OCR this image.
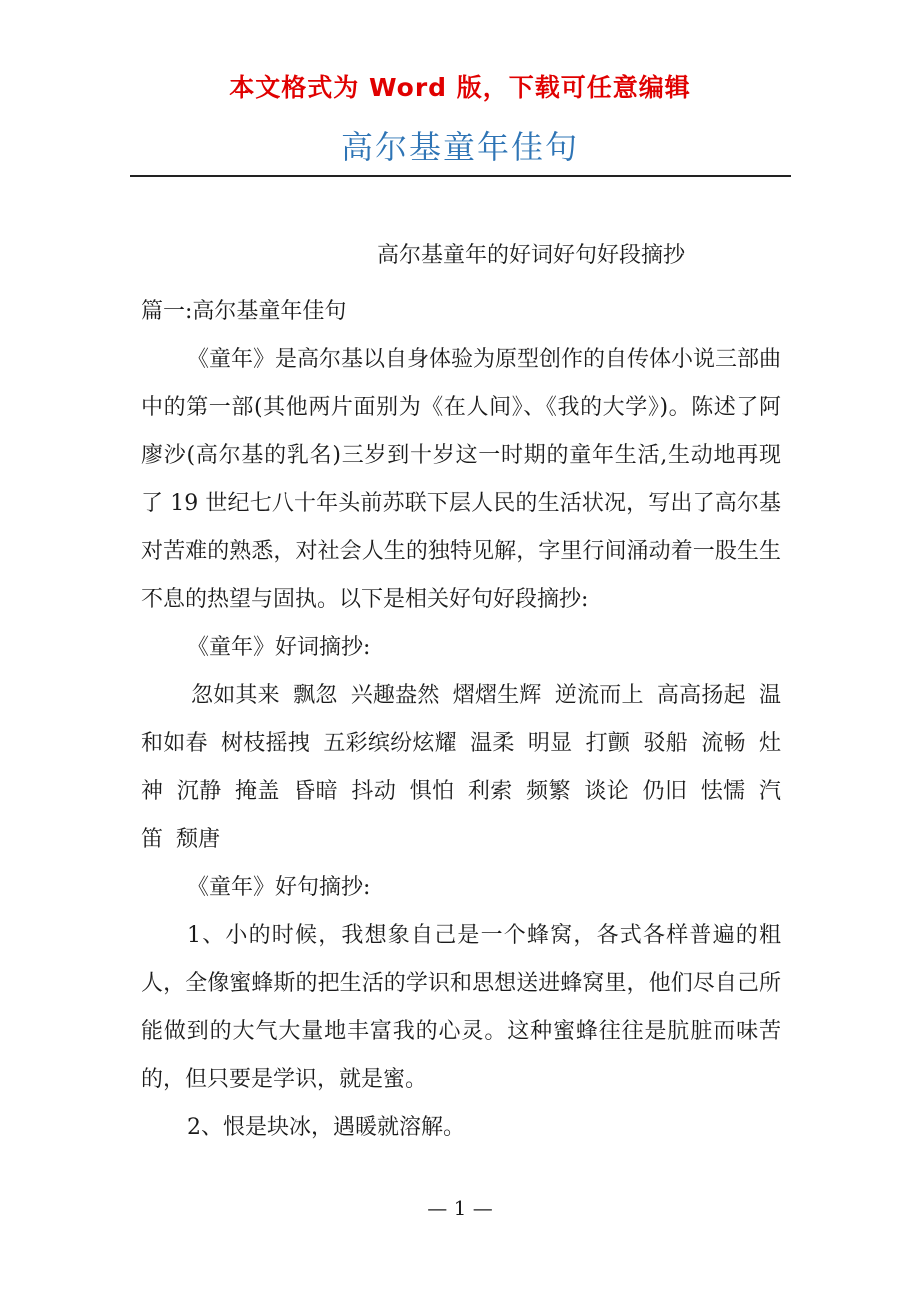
本文格式为 Word 版，下载可任意编辑
高尔基童年佳句

高尔基童年的好词好句好段摘抄

篇一:高尔基童年佳句

《童年》是高尔基以自身体验为原型创作的自传体小说三部曲中的第一部(其他两片面别为《在人间》、《我的大学》)。陈述了阿廖沙(高尔基的乳名)三岁到十岁这一时期的童年生活,生动地再现了 19 世纪七八十年头前苏联下层人民的生活状况，写出了高尔基对苦难的熟悉，对社会人生的独特见解，字里行间涌动着一股生生不息的热望与固执。以下是相关好句好段摘抄:

《童年》好词摘抄:

忽如其来 飘忽 兴趣盎然 熠熠生辉 逆流而上 高高扬起 温和如春 树枝摇拽 五彩缤纷炫耀 温柔 明显 打颤 驳船 流畅 灶神 沉静 掩盖 昏暗 抖动 惧怕 利索 频繁 谈论 仍旧 怯懦 汽笛 颓唐

《童年》好句摘抄:

1、小的时候，我想象自己是一个蜂窝，各式各样普遍的粗人，全像蜜蜂斯的把生活的学识和思想送进蜂窝里，他们尽自己所能做到的大气大量地丰富我的心灵。这种蜜蜂往往是肮脏而味苦的，但只要是学识，就是蜜。

2、恨是块冰，遇暖就溶解。

— 1 —
